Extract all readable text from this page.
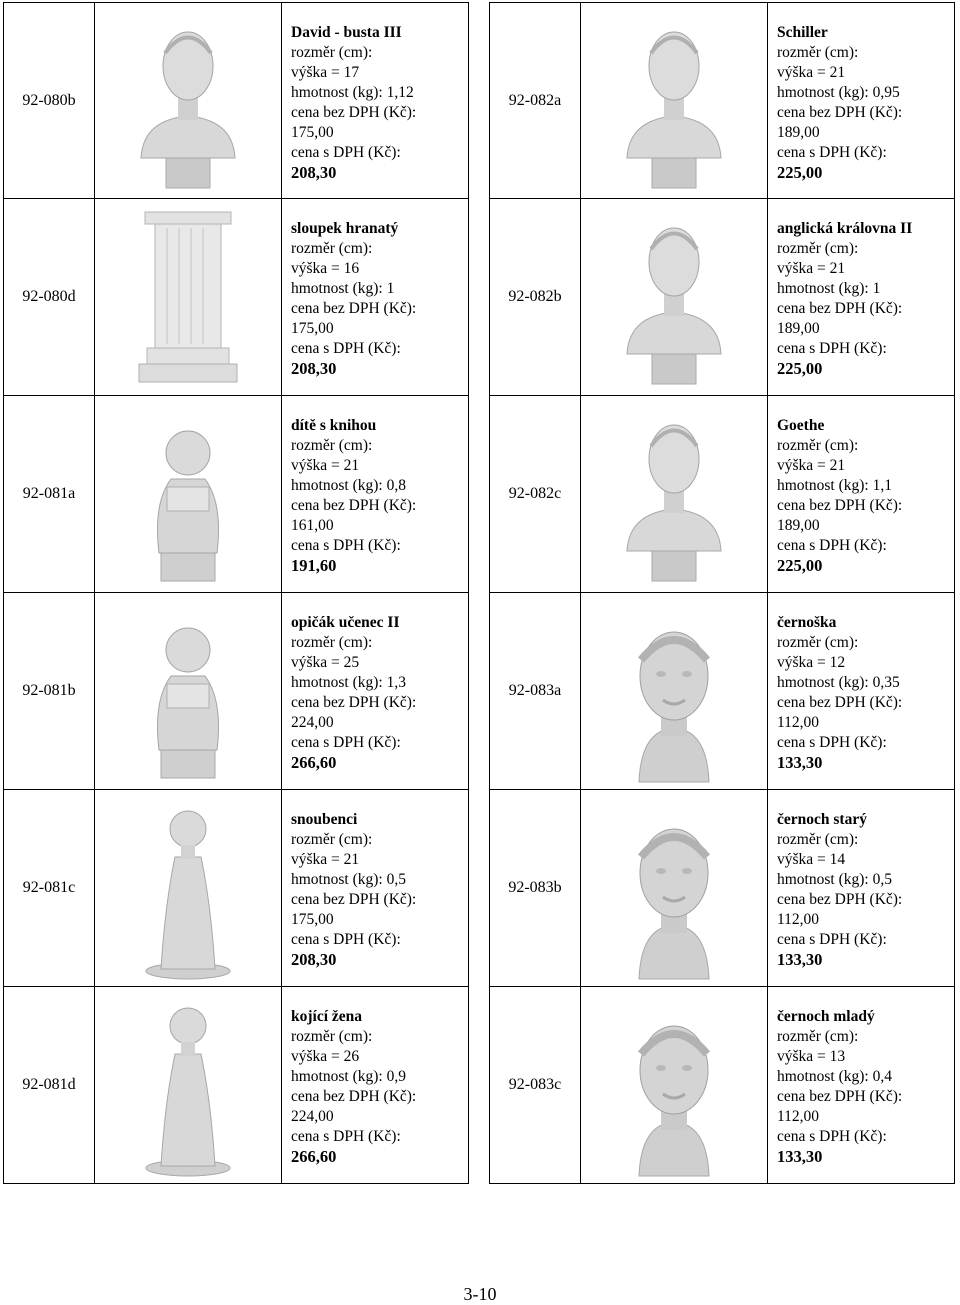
92-080b
David - busta III
rozměr (cm):
výška = 17
hmotnost (kg): 1,12
cena bez DPH (Kč):
175,00
cena s DPH (Kč):
208,30
92-082a
Schiller
rozměr (cm):
výška = 21
hmotnost (kg): 0,95
cena bez DPH (Kč):
189,00
cena s DPH (Kč):
225,00
92-080d
sloupek hranatý
rozměr (cm):
výška = 16
hmotnost (kg): 1
cena bez DPH (Kč):
175,00
cena s DPH (Kč):
208,30
92-082b
anglická královna II
rozměr (cm):
výška = 21
hmotnost (kg): 1
cena bez DPH (Kč):
189,00
cena s DPH (Kč):
225,00
92-081a
dítě s knihou
rozměr (cm):
výška = 21
hmotnost (kg): 0,8
cena bez DPH (Kč):
161,00
cena s DPH (Kč):
191,60
92-082c
Goethe
rozměr (cm):
výška = 21
hmotnost (kg): 1,1
cena bez DPH (Kč):
189,00
cena s DPH (Kč):
225,00
92-081b
opičák učenec II
rozměr (cm):
výška = 25
hmotnost (kg): 1,3
cena bez DPH (Kč):
224,00
cena s DPH (Kč):
266,60
92-083a
černoška
rozměr (cm):
výška = 12
hmotnost (kg): 0,35
cena bez DPH (Kč):
112,00
cena s DPH (Kč):
133,30
92-081c
snoubenci
rozměr (cm):
výška = 21
hmotnost (kg): 0,5
cena bez DPH (Kč):
175,00
cena s DPH (Kč):
208,30
92-083b
černoch starý
rozměr (cm):
výška = 14
hmotnost (kg): 0,5
cena bez DPH (Kč):
112,00
cena s DPH (Kč):
133,30
92-081d
kojící žena
rozměr (cm):
výška = 26
hmotnost (kg): 0,9
cena bez DPH (Kč):
224,00
cena s DPH (Kč):
266,60
92-083c
černoch mladý
rozměr (cm):
výška = 13
hmotnost (kg): 0,4
cena bez DPH (Kč):
112,00
cena s DPH (Kč):
133,30
3-10
